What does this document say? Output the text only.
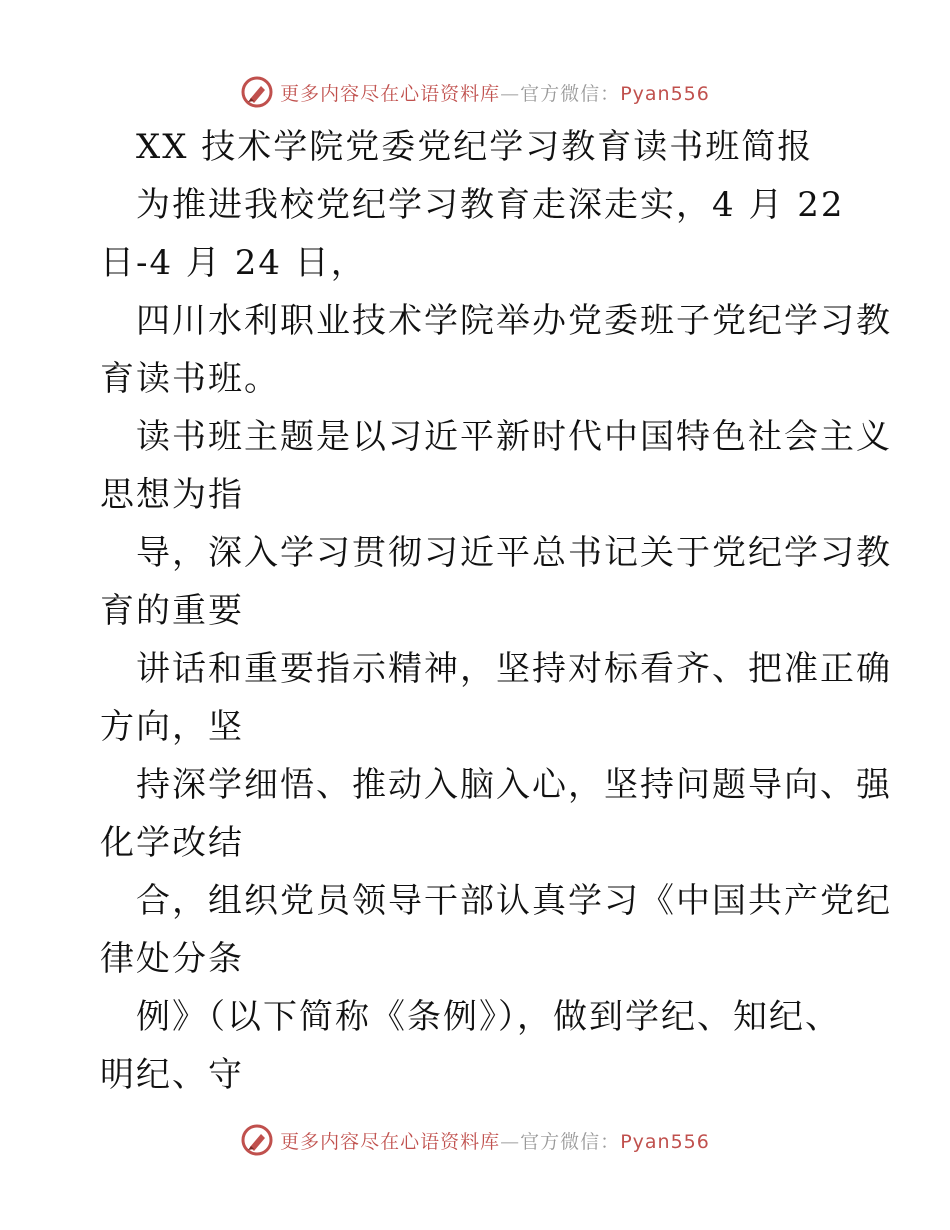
更多内容尽在心语资料库—官方微信：Pyan556
XX 技术学院党委党纪学习教育读书班简报
为推进我校党纪学习教育走深走实，4 月 22
日-4 月 24 日，
四川水利职业技术学院举办党委班子党纪学习教
育读书班。
读书班主题是以习近平新时代中国特色社会主义
思想为指
导，深入学习贯彻习近平总书记关于党纪学习教
育的重要
讲话和重要指示精神，坚持对标看齐、把准正确
方向，坚
持深学细悟、推动入脑入心，坚持问题导向、强
化学改结
合，组织党员领导干部认真学习《中国共产党纪
律处分条
例》（以下简称《条例》），做到学纪、知纪、
明纪、守
更多内容尽在心语资料库—官方微信：Pyan556
